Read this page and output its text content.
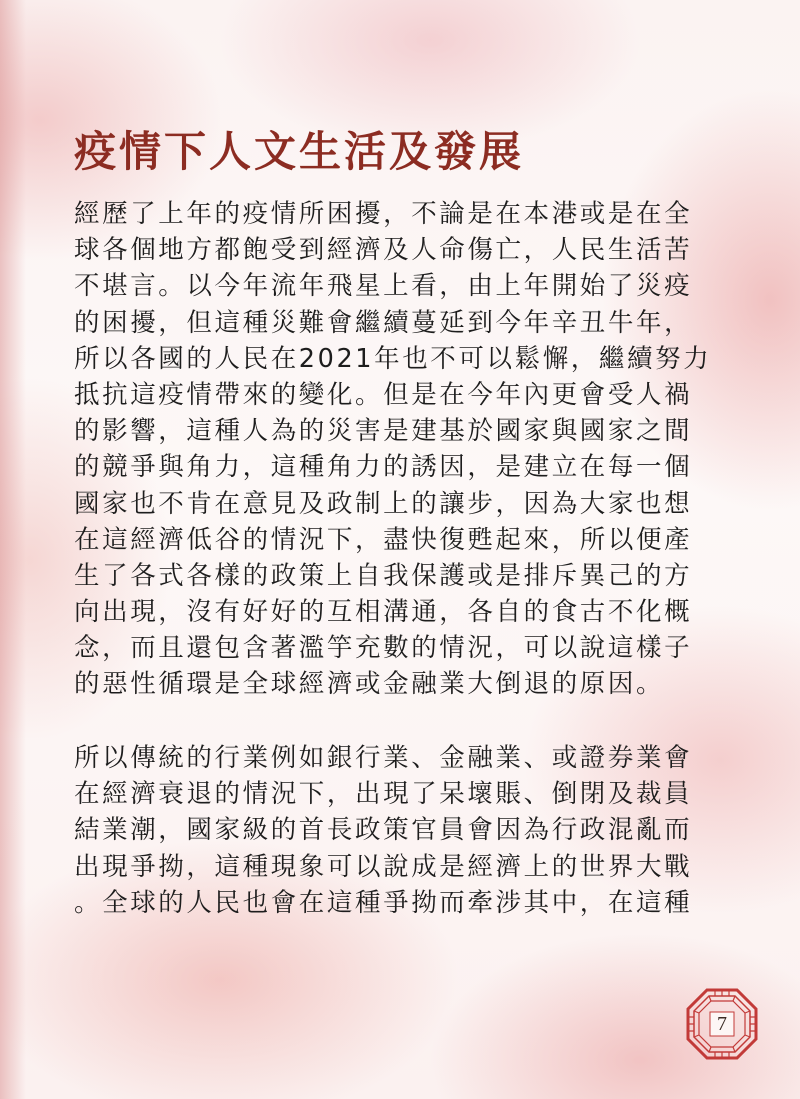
疫情下人文生活及發展
經歷了上年的疫情所困擾，不論是在本港或是在全
球各個地方都飽受到經濟及人命傷亡，人民生活苦
不堪言。以今年流年飛星上看，由上年開始了災疫
的困擾，但這種災難會繼續蔓延到今年辛丑牛年，
所以各國的人民在2021年也不可以鬆懈，繼續努力
抵抗這疫情帶來的變化。但是在今年內更會受人禍
的影響，這種人為的災害是建基於國家與國家之間
的競爭與角力，這種角力的誘因，是建立在每一個
國家也不肯在意見及政制上的讓步，因為大家也想
在這經濟低谷的情況下，盡快復甦起來，所以便產
生了各式各樣的政策上自我保護或是排斥異己的方
向出現，沒有好好的互相溝通，各自的食古不化概
念，而且還包含著濫竽充數的情況，可以說這樣子
的惡性循環是全球經濟或金融業大倒退的原因。
所以傳統的行業例如銀行業、金融業、或證券業會
在經濟衰退的情況下，出現了呆壞賬、倒閉及裁員
結業潮，國家級的首長政策官員會因為行政混亂而
出現爭拗，這種現象可以說成是經濟上的世界大戰
。全球的人民也會在這種爭拗而牽涉其中，在這種
7
